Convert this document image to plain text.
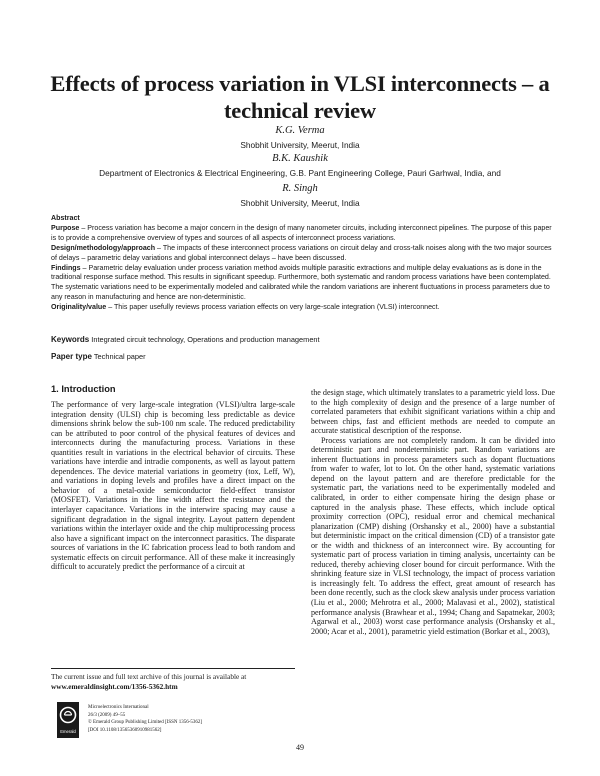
Effects of process variation in VLSI interconnects – a technical review
K.G. Verma
Shobhit University, Meerut, India
B.K. Kaushik
Department of Electronics & Electrical Engineering, G.B. Pant Engineering College, Pauri Garhwal, India, and
R. Singh
Shobhit University, Meerut, India

Abstract

Purpose – Process variation has become a major concern in the design of many nanometer circuits, including interconnect pipelines. The purpose of this paper is to provide a comprehensive overview of types and sources of all aspects of interconnect process variations.

Design/methodology/approach – The impacts of these interconnect process variations on circuit delay and cross-talk noises along with the two major sources of delays – parametric delay variations and global interconnect delays – have been discussed.

Findings – Parametric delay evaluation under process variation method avoids multiple parasitic extractions and multiple delay evaluations as is done in the traditional response surface method. This results in significant speedup. Furthermore, both systematic and random process variations have been contemplated. The systematic variations need to be experimentally modeled and calibrated while the random variations are inherent fluctuations in process parameters due to any reason in manufacturing and hence are non-deterministic.

Originality/value – This paper usefully reviews process variation effects on very large-scale integration (VLSI) interconnect.

Keywords Integrated circuit technology, Operations and production management
Paper type Technical paper
1. Introduction

The performance of very large-scale integration (VLSI)/ultra large-scale integration density (ULSI) chip is becoming less predictable as device dimensions shrink below the sub-100 nm scale. The reduced predictability can be attributed to poor control of the physical features of devices and interconnects during the manufacturing process. Variations in these quantities result in variations in the electrical behavior of circuits. These variations have interdie and intradie components, as well as layout pattern dependences. The device material variations in geometry (tox, Leff, W), and variations in doping levels and profiles have a direct impact on the behavior of a metal-oxide semiconductor field-effect transistor (MOSFET). Variations in the line width affect the resistance and the interlayer capacitance. Variations in the interwire spacing may cause a significant degradation in the signal integrity. Layout pattern dependent variations within the interlayer oxide and the chip multiprocessing process also have a significant impact on the interconnect parasitics. The disparate sources of variations in the IC fabrication process lead to both random and systematic effects on circuit performance. All of these make it increasingly difficult to accurately predict the performance of a circuit at

the design stage, which ultimately translates to a parametric yield loss. Due to the high complexity of design and the presence of a large number of correlated parameters that exhibit significant variations within a chip and between chips, fast and efficient methods are needed to compute an accurate statistical description of the response.

Process variations are not completely random. It can be divided into deterministic part and nondeterministic part. Random variations are inherent fluctuations in process parameters such as dopant fluctuations from wafer to wafer, lot to lot. On the other hand, systematic variations depend on the layout pattern and are therefore predictable for the systematic part, the variations need to be experimentally modeled and calibrated, in order to either compensate hiring the design phase or captured in the analysis phase. These effects, which include optical proximity correction (OPC), residual error and chemical mechanical planarization (CMP) dishing (Orshansky et al., 2000) have a substantial but deterministic impact on the critical dimension (CD) of a transistor gate or the width and thickness of an interconnect wire. By accounting for systematic part of process variation in timing analysis, uncertainty can be reduced, thereby achieving closer bound for circuit performance. With the shrinking feature size in VLSI technology, the impact of process variation is increasingly felt. To address the effect, great amount of research has been done recently, such as the clock skew analysis under process variation (Liu et al., 2000; Mehrotra et al., 2000; Malavasi et al., 2002), statistical performance analysis (Brawhear et al., 1994; Chang and Sapatnekar, 2003; Agarwal et al., 2003) worst case performance analysis (Orshansky et al., 2000; Acar et al., 2001), parametric yield estimation (Borkar et al., 2003),

The current issue and full text archive of this journal is available at
www.emeraldinsight.com/1356-5362.htm
Emerald
Microelectronics International
26/3 (2009) 49–55
© Emerald Group Publishing Limited [ISSN 1356-5362]
[DOI 10.1108/13565360910981562]
49
